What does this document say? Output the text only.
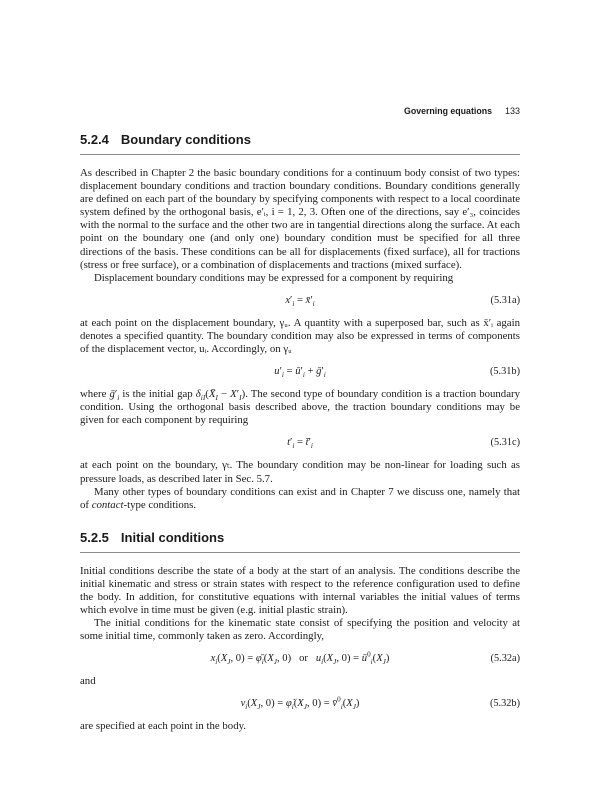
Governing equations 133
5.2.4 Boundary conditions

As described in Chapter 2 the basic boundary conditions for a continuum body consist of two types: displacement boundary conditions and traction boundary conditions. Boundary conditions generally are defined on each part of the boundary by specifying components with respect to a local coordinate system defined by the orthogonal basis, e′ᵢ, i = 1, 2, 3. Often one of the directions, say e′₃, coincides with the normal to the surface and the other two are in tangential directions along the surface. At each point on the boundary one (and only one) boundary condition must be specified for all three directions of the basis. These conditions can be all for displacements (fixed surface), all for tractions (stress or free surface), or a combination of displacements and tractions (mixed surface).

Displacement boundary conditions may be expressed for a component by requiring

$x'_i$ = $x̄'_i$	(5.31a)

at each point on the displacement boundary, γᵤ. A quantity with a superposed bar, such as x̄′ᵢ again denotes a specified quantity. The boundary condition may also be expressed in terms of components of the displacement vector, uᵢ. Accordingly, on γᵤ

$u'_i$ = $ū'_i$ + $ḡ'_i$	(5.31b)

where $ḡ'_i$ is the initial gap $\delta_{iI}(X̄_I - X'_I)$. The second type of boundary condition is a traction boundary condition. Using the orthogonal basis described above, the traction boundary conditions may be given for each component by requiring

$t'_i$ = $t̄'_i$	(5.31c)

at each point on the boundary, γₜ. The boundary condition may be non-linear for loading such as pressure loads, as described later in Sec. 5.7.

Many other types of boundary conditions can exist and in Chapter 7 we discuss one, namely that of contact-type conditions.

5.2.5 Initial conditions

Initial conditions describe the state of a body at the start of an analysis. The conditions describe the initial kinematic and stress or strain states with respect to the reference configuration used to define the body. In addition, for constitutive equations with internal variables the initial values of terms which evolve in time must be given (e.g. initial plastic strain).

The initial conditions for the kinematic state consist of specifying the position and velocity at some initial time, commonly taken as zero. Accordingly,

$x_i(X_J$, $0) = \varphī_i(X_J$, 0)   or   $u_i(X_J$, $0) = ū^0_i(X_J)$	(5.32a)

and

$v_i(X_J$, $0) = \varphi̇_i(X_J$, $0) = v̄^0_i(X_J)$	(5.32b)

are specified at each point in the body.
